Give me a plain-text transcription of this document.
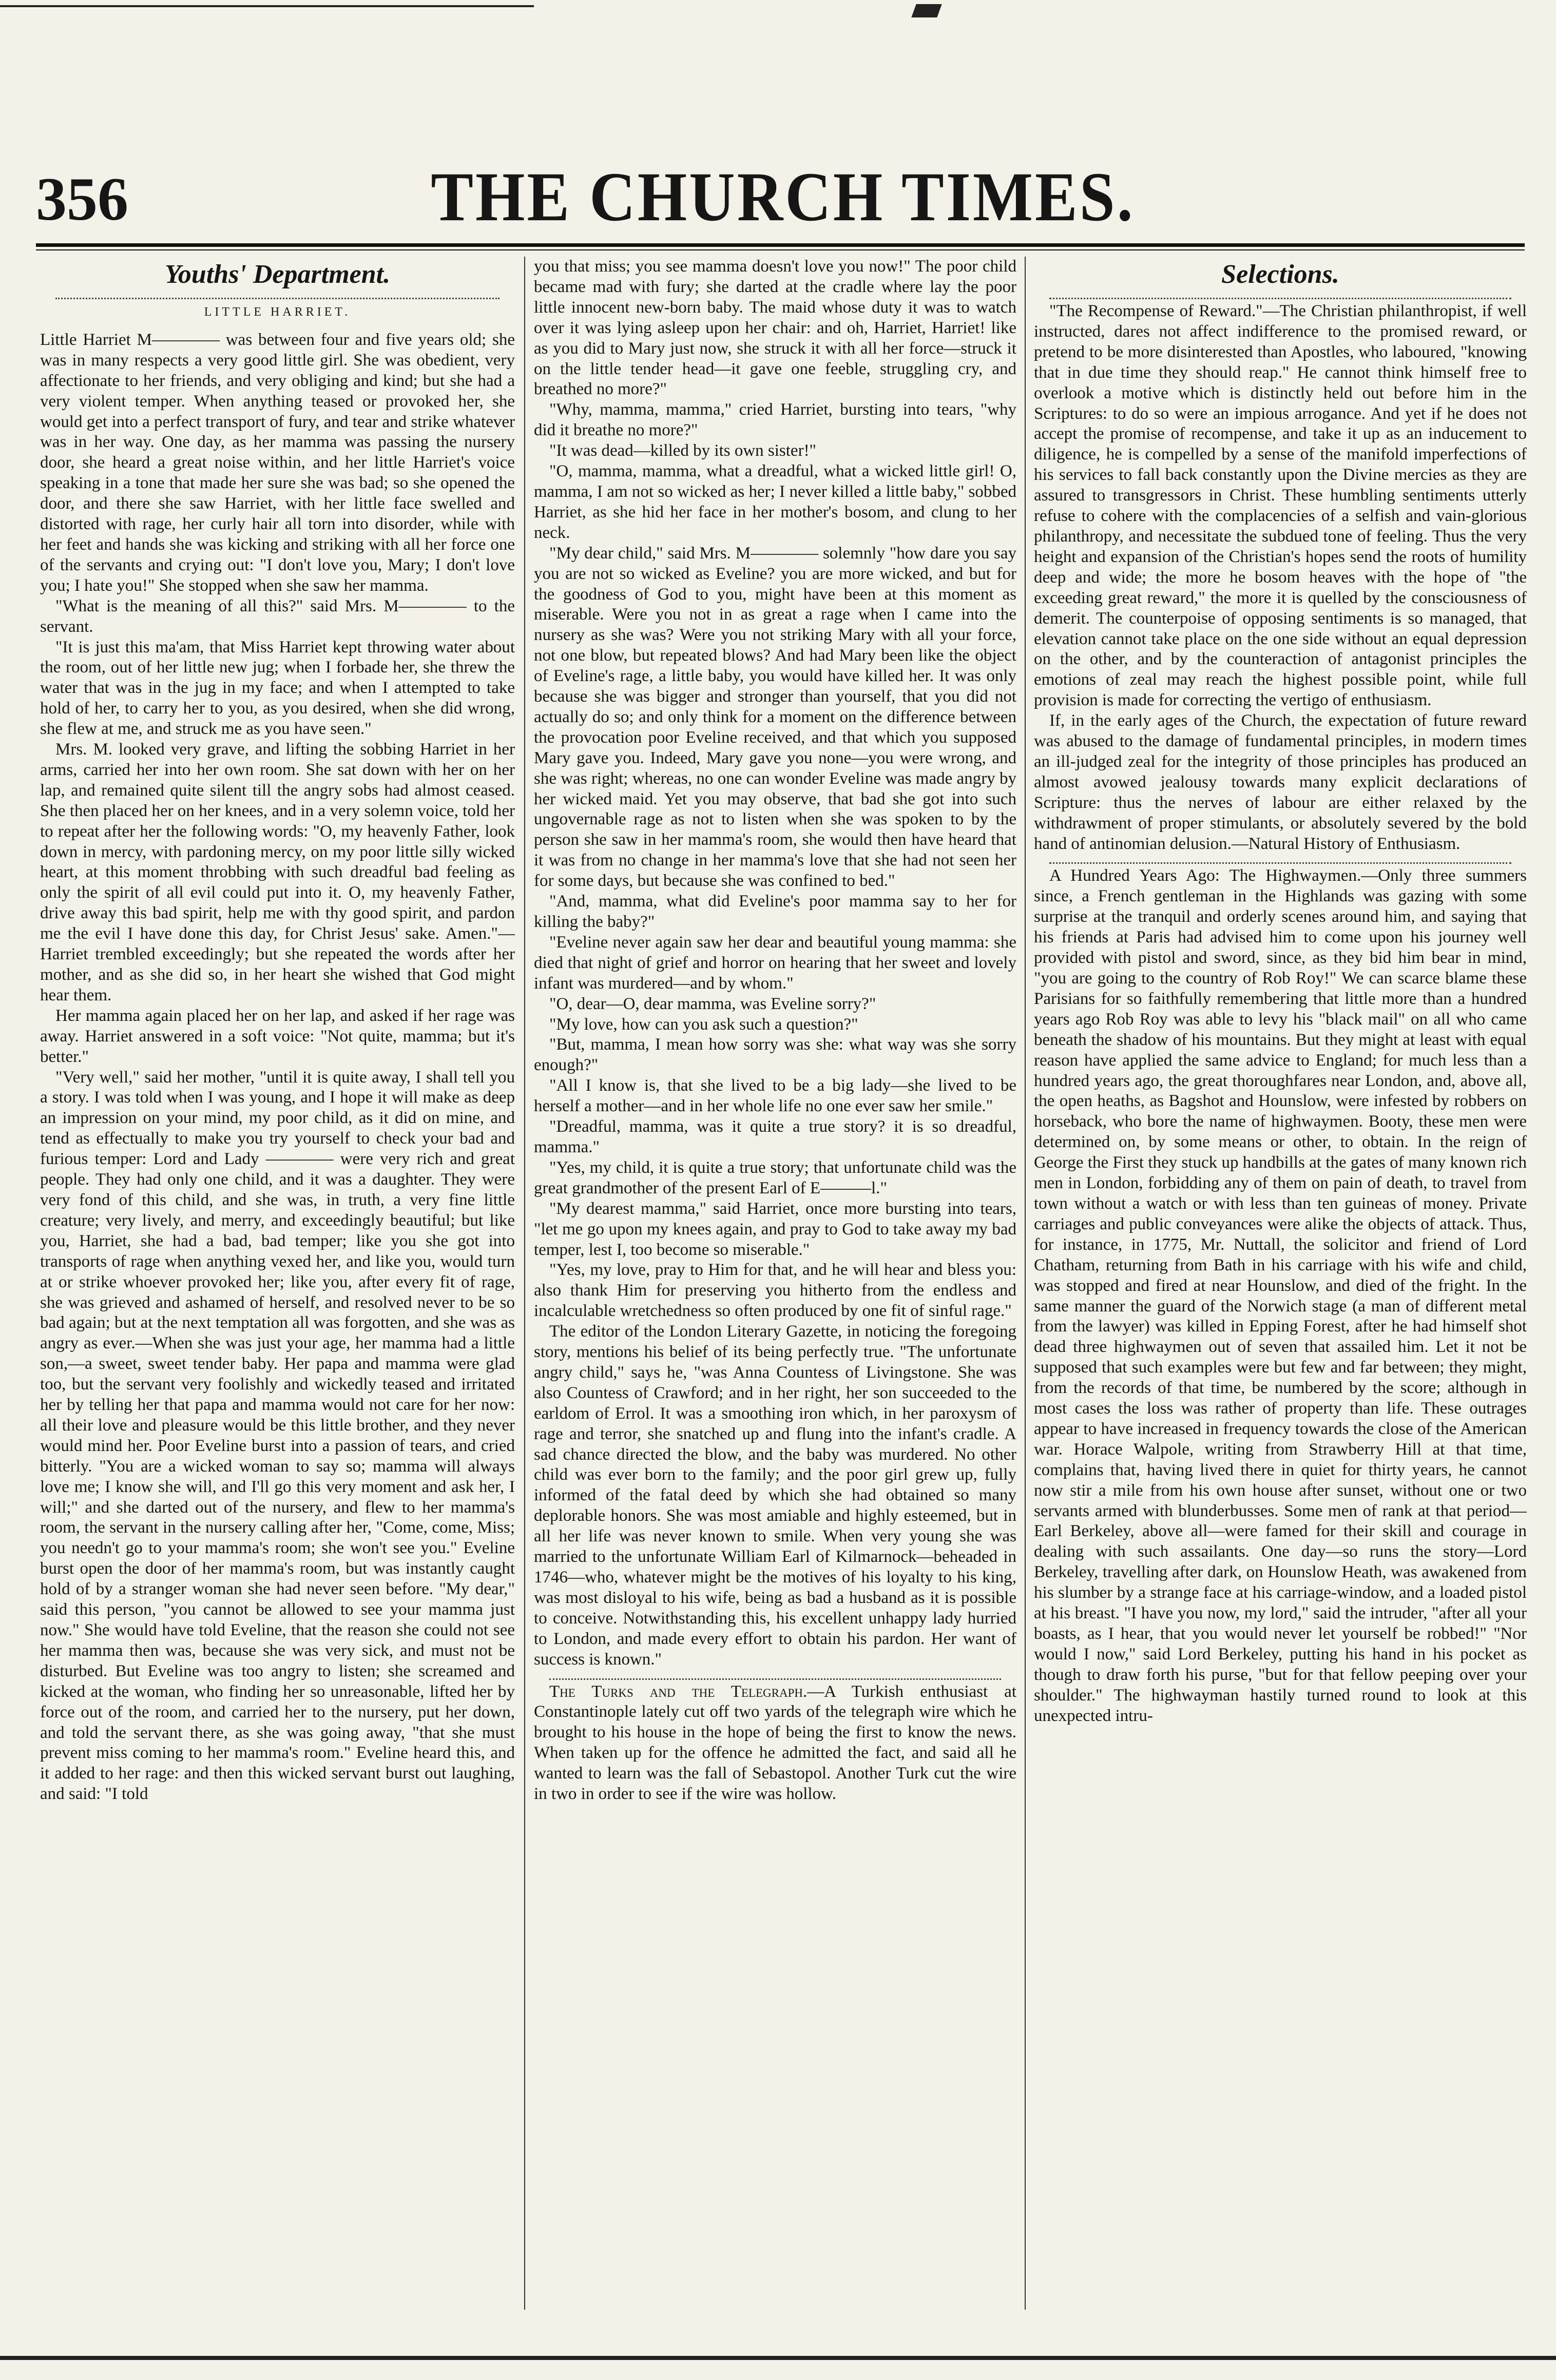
356	THE CHURCH TIMES.
Youths' Department.
LITTLE HARRIET.

Little Harriet M———— was between four and five years old; she was in many respects a very good little girl. She was obedient, very affectionate to her friends, and very obliging and kind; but she had a very violent temper. When anything teased or provoked her, she would get into a perfect transport of fury, and tear and strike whatever was in her way. One day, as her mamma was passing the nursery door, she heard a great noise within, and her little Harriet's voice speaking in a tone that made her sure she was bad; so she opened the door, and there she saw Harriet, with her little face swelled and distorted with rage, her curly hair all torn into disorder, while with her feet and hands she was kicking and striking with all her force one of the servants and crying out: "I don't love you, Mary; I don't love you; I hate you!" She stopped when she saw her mamma.

"What is the meaning of all this?" said Mrs. M———— to the servant.

"It is just this ma'am, that Miss Harriet kept throwing water about the room, out of her little new jug; when I forbade her, she threw the water that was in the jug in my face; and when I attempted to take hold of her, to carry her to you, as you desired, when she did wrong, she flew at me, and struck me as you have seen."

Mrs. M. looked very grave, and lifting the sobbing Harriet in her arms, carried her into her own room. She sat down with her on her lap, and remained quite silent till the angry sobs had almost ceased. She then placed her on her knees, and in a very solemn voice, told her to repeat after her the following words: "O, my heavenly Father, look down in mercy, with pardoning mercy, on my poor little silly wicked heart, at this moment throbbing with such dreadful bad feeling as only the spirit of all evil could put into it. O, my heavenly Father, drive away this bad spirit, help me with thy good spirit, and pardon me the evil I have done this day, for Christ Jesus' sake. Amen."—Harriet trembled exceedingly; but she repeated the words after her mother, and as she did so, in her heart she wished that God might hear them.

Her mamma again placed her on her lap, and asked if her rage was away. Harriet answered in a soft voice: "Not quite, mamma; but it's better."

"Very well," said her mother, "until it is quite away, I shall tell you a story. I was told when I was young, and I hope it will make as deep an impression on your mind, my poor child, as it did on mine, and tend as effectually to make you try yourself to check your bad and furious temper: Lord and Lady ———— were very rich and great people. They had only one child, and it was a daughter. They were very fond of this child, and she was, in truth, a very fine little creature; very lively, and merry, and exceedingly beautiful; but like you, Harriet, she had a bad, bad temper; like you she got into transports of rage when anything vexed her, and like you, would turn at or strike whoever provoked her; like you, after every fit of rage, she was grieved and ashamed of herself, and resolved never to be so bad again; but at the next temptation all was forgotten, and she was as angry as ever.—When she was just your age, her mamma had a little son,—a sweet, sweet tender baby. Her papa and mamma were glad too, but the servant very foolishly and wickedly teased and irritated her by telling her that papa and mamma would not care for her now: all their love and pleasure would be this little brother, and they never would mind her. Poor Eveline burst into a passion of tears, and cried bitterly. "You are a wicked woman to say so; mamma will always love me; I know she will, and I'll go this very moment and ask her, I will;" and she darted out of the nursery, and flew to her mamma's room, the servant in the nursery calling after her, "Come, come, Miss; you needn't go to your mamma's room; she won't see you." Eveline burst open the door of her mamma's room, but was instantly caught hold of by a stranger woman she had never seen before. "My dear," said this person, "you cannot be allowed to see your mamma just now." She would have told Eveline, that the reason she could not see her mamma then was, because she was very sick, and must not be disturbed. But Eveline was too angry to listen; she screamed and kicked at the woman, who finding her so unreasonable, lifted her by force out of the room, and carried her to the nursery, put her down, and told the servant there, as she was going away, "that she must prevent miss coming to her mamma's room." Eveline heard this, and it added to her rage: and then this wicked servant burst out laughing, and said: "I told

you that miss; you see mamma doesn't love you now!" The poor child became mad with fury; she darted at the cradle where lay the poor little innocent new-born baby. The maid whose duty it was to watch over it was lying asleep upon her chair: and oh, Harriet, Harriet! like as you did to Mary just now, she struck it with all her force—struck it on the little tender head—it gave one feeble, struggling cry, and breathed no more?"

"Why, mamma, mamma," cried Harriet, bursting into tears, "why did it breathe no more?"

"It was dead—killed by its own sister!"

"O, mamma, mamma, what a dreadful, what a wicked little girl! O, mamma, I am not so wicked as her; I never killed a little baby," sobbed Harriet, as she hid her face in her mother's bosom, and clung to her neck.

"My dear child," said Mrs. M———— solemnly "how dare you say you are not so wicked as Eveline? you are more wicked, and but for the goodness of God to you, might have been at this moment as miserable. Were you not in as great a rage when I came into the nursery as she was? Were you not striking Mary with all your force, not one blow, but repeated blows? And had Mary been like the object of Eveline's rage, a little baby, you would have killed her. It was only because she was bigger and stronger than yourself, that you did not actually do so; and only think for a moment on the difference between the provocation poor Eveline received, and that which you supposed Mary gave you. Indeed, Mary gave you none—you were wrong, and she was right; whereas, no one can wonder Eveline was made angry by her wicked maid. Yet you may observe, that bad she got into such ungovernable rage as not to listen when she was spoken to by the person she saw in her mamma's room, she would then have heard that it was from no change in her mamma's love that she had not seen her for some days, but because she was confined to bed."

"And, mamma, what did Eveline's poor mamma say to her for killing the baby?"

"Eveline never again saw her dear and beautiful young mamma: she died that night of grief and horror on hearing that her sweet and lovely infant was murdered—and by whom."

"O, dear—O, dear mamma, was Eveline sorry?"

"My love, how can you ask such a question?"

"But, mamma, I mean how sorry was she: what way was she sorry enough?"

"All I know is, that she lived to be a big lady—she lived to be herself a mother—and in her whole life no one ever saw her smile."

"Dreadful, mamma, was it quite a true story? it is so dreadful, mamma."

"Yes, my child, it is quite a true story; that unfortunate child was the great grandmother of the present Earl of E———l."

"My dearest mamma," said Harriet, once more bursting into tears, "let me go upon my knees again, and pray to God to take away my bad temper, lest I, too become so miserable."

"Yes, my love, pray to Him for that, and he will hear and bless you: also thank Him for preserving you hitherto from the endless and incalculable wretchedness so often produced by one fit of sinful rage."

The editor of the London Literary Gazette, in noticing the foregoing story, mentions his belief of its being perfectly true. "The unfortunate angry child," says he, "was Anna Countess of Livingstone. She was also Countess of Crawford; and in her right, her son succeeded to the earldom of Errol. It was a smoothing iron which, in her paroxysm of rage and terror, she snatched up and flung into the infant's cradle. A sad chance directed the blow, and the baby was murdered. No other child was ever born to the family; and the poor girl grew up, fully informed of the fatal deed by which she had obtained so many deplorable honors. She was most amiable and highly esteemed, but in all her life was never known to smile. When very young she was married to the unfortunate William Earl of Kilmarnock—beheaded in 1746—who, whatever might be the motives of his loyalty to his king, was most disloyal to his wife, being as bad a husband as it is possible to conceive. Notwithstanding this, his excellent unhappy lady hurried to London, and made every effort to obtain his pardon. Her want of success is known."

The Turks and the Telegraph.—A Turkish enthusiast at Constantinople lately cut off two yards of the telegraph wire which he brought to his house in the hope of being the first to know the news. When taken up for the offence he admitted the fact, and said all he wanted to learn was the fall of Sebastopol. Another Turk cut the wire in two in order to see if the wire was hollow.

Selections.

"The Recompense of Reward."—The Christian philanthropist, if well instructed, dares not affect indifference to the promised reward, or pretend to be more disinterested than Apostles, who laboured, "knowing that in due time they should reap." He cannot think himself free to overlook a motive which is distinctly held out before him in the Scriptures: to do so were an impious arrogance. And yet if he does not accept the promise of recompense, and take it up as an inducement to diligence, he is compelled by a sense of the manifold imperfections of his services to fall back constantly upon the Divine mercies as they are assured to transgressors in Christ. These humbling sentiments utterly refuse to cohere with the complacencies of a selfish and vain-glorious philanthropy, and necessitate the subdued tone of feeling. Thus the very height and expansion of the Christian's hopes send the roots of humility deep and wide; the more he bosom heaves with the hope of "the exceeding great reward," the more it is quelled by the consciousness of demerit. The counterpoise of opposing sentiments is so managed, that elevation cannot take place on the one side without an equal depression on the other, and by the counteraction of antagonist principles the emotions of zeal may reach the highest possible point, while full provision is made for correcting the vertigo of enthusiasm.

If, in the early ages of the Church, the expectation of future reward was abused to the damage of fundamental principles, in modern times an ill-judged zeal for the integrity of those principles has produced an almost avowed jealousy towards many explicit declarations of Scripture: thus the nerves of labour are either relaxed by the withdrawment of proper stimulants, or absolutely severed by the bold hand of antinomian delusion.—Natural History of Enthusiasm.

A Hundred Years Ago: The Highwaymen.—Only three summers since, a French gentleman in the Highlands was gazing with some surprise at the tranquil and orderly scenes around him, and saying that his friends at Paris had advised him to come upon his journey well provided with pistol and sword, since, as they bid him bear in mind, "you are going to the country of Rob Roy!" We can scarce blame these Parisians for so faithfully remembering that little more than a hundred years ago Rob Roy was able to levy his "black mail" on all who came beneath the shadow of his mountains. But they might at least with equal reason have applied the same advice to England; for much less than a hundred years ago, the great thoroughfares near London, and, above all, the open heaths, as Bagshot and Hounslow, were infested by robbers on horseback, who bore the name of highwaymen. Booty, these men were determined on, by some means or other, to obtain. In the reign of George the First they stuck up handbills at the gates of many known rich men in London, forbidding any of them on pain of death, to travel from town without a watch or with less than ten guineas of money. Private carriages and public conveyances were alike the objects of attack. Thus, for instance, in 1775, Mr. Nuttall, the solicitor and friend of Lord Chatham, returning from Bath in his carriage with his wife and child, was stopped and fired at near Hounslow, and died of the fright. In the same manner the guard of the Norwich stage (a man of different metal from the lawyer) was killed in Epping Forest, after he had himself shot dead three highwaymen out of seven that assailed him. Let it not be supposed that such examples were but few and far between; they might, from the records of that time, be numbered by the score; although in most cases the loss was rather of property than life. These outrages appear to have increased in frequency towards the close of the American war. Horace Walpole, writing from Strawberry Hill at that time, complains that, having lived there in quiet for thirty years, he cannot now stir a mile from his own house after sunset, without one or two servants armed with blunderbusses. Some men of rank at that period—Earl Berkeley, above all—were famed for their skill and courage in dealing with such assailants. One day—so runs the story—Lord Berkeley, travelling after dark, on Hounslow Heath, was awakened from his slumber by a strange face at his carriage-window, and a loaded pistol at his breast. "I have you now, my lord," said the intruder, "after all your boasts, as I hear, that you would never let yourself be robbed!" "Nor would I now," said Lord Berkeley, putting his hand in his pocket as though to draw forth his purse, "but for that fellow peeping over your shoulder." The highwayman hastily turned round to look at this unexpected intru-
